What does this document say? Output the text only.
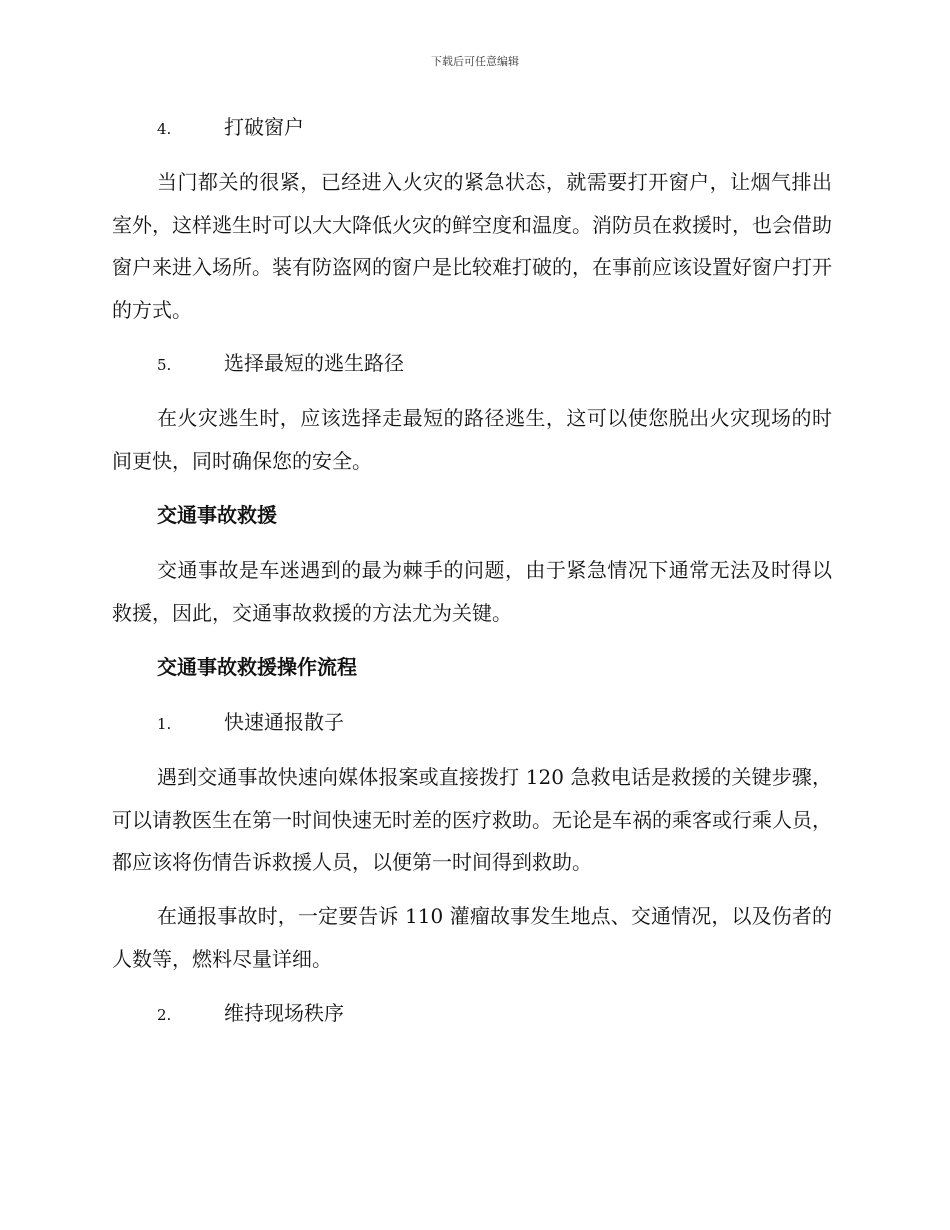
下载后可任意编辑
4.	打破窗户
当门都关的很紧，已经进入火灾的紧急状态，就需要打开窗户，让烟气排出室外，这样逃生时可以大大降低火灾的鲜空度和温度。消防员在救援时，也会借助窗户来进入场所。装有防盗网的窗户是比较难打破的，在事前应该设置好窗户打开的方式。
5.	选择最短的逃生路径
在火灾逃生时，应该选择走最短的路径逃生，这可以使您脱出火灾现场的时间更快，同时确保您的安全。
交通事故救援
交通事故是车迷遇到的最为棘手的问题，由于紧急情况下通常无法及时得以救援，因此，交通事故救援的方法尤为关键。
交通事故救援操作流程
1.	快速通报散子
遇到交通事故快速向媒体报案或直接拨打 120 急救电话是救援的关键步骤，可以请教医生在第一时间快速无时差的医疗救助。无论是车祸的乘客或行乘人员，都应该将伤情告诉救援人员，以便第一时间得到救助。
在通报事故时，一定要告诉 110 灌瘤故事发生地点、交通情况，以及伤者的人数等，燃料尽量详细。
2.	维持现场秩序
